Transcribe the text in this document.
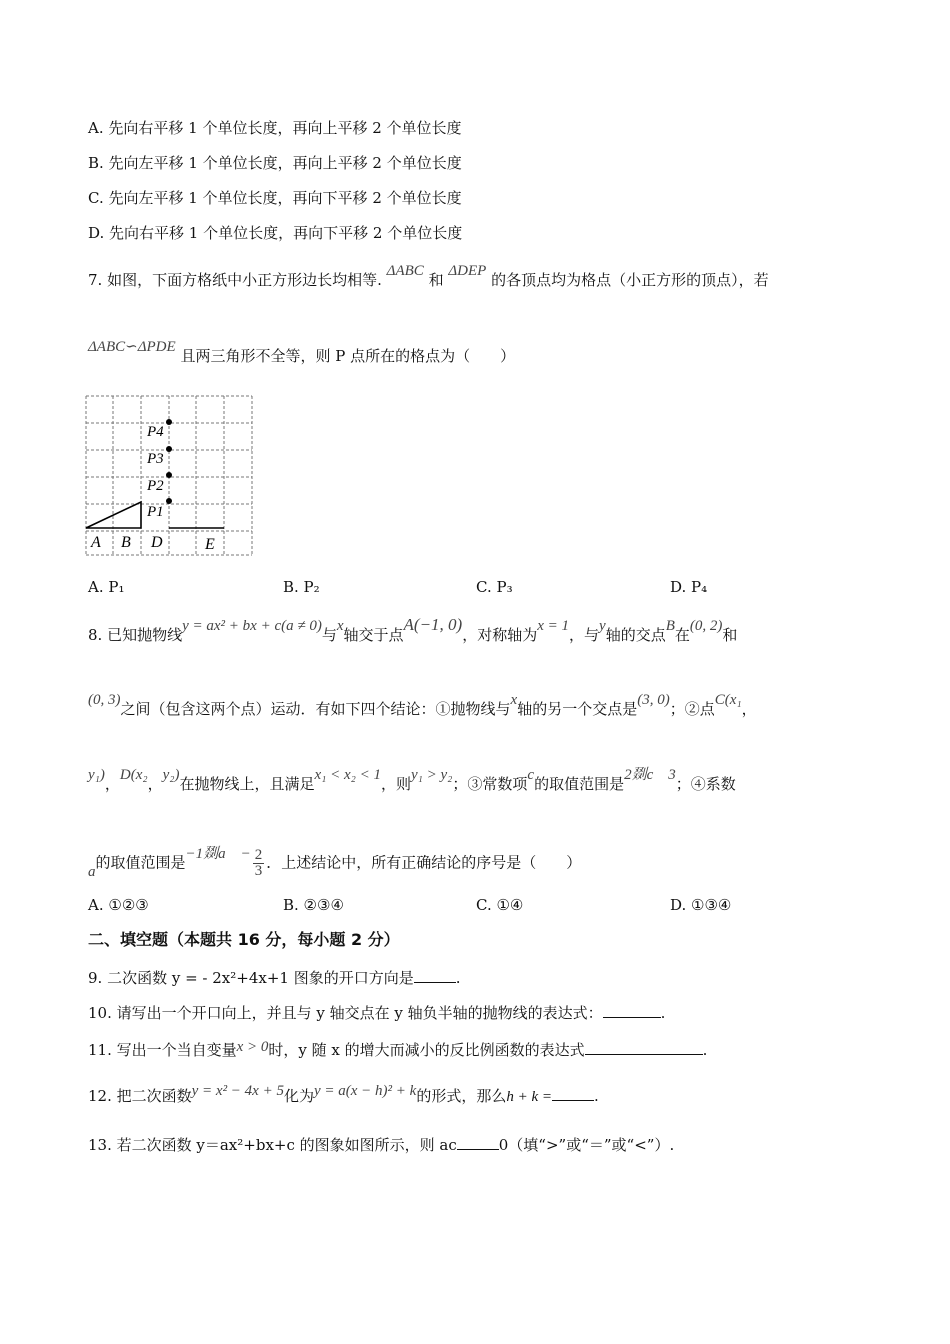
A. 先向右平移 1 个单位长度，再向上平移 2 个单位长度
B. 先向左平移 1 个单位长度，再向上平移 2 个单位长度
C. 先向左平移 1 个单位长度，再向下平移 2 个单位长度
D. 先向右平移 1 个单位长度，再向下平移 2 个单位长度
7. 如图，下面方格纸中小正方形边长均相等. ΔABC 和 ΔDEP 的各顶点均为格点（小正方形的顶点），若
ΔABC∽ΔPDE 且两三角形不全等，则 P 点所在的格点为（　　）
P4
P3
P2
P1
A B D	E
A. P₁	B. P₂	C. P₃	D. P₄
8. 已知抛物线y = ax² + bx + c(a ≠ 0)与x轴交于点A(−1, 0)，对称轴为x = 1，与y轴的交点B在(0, 2)和
(0, 3)之间（包含这两个点）运动．有如下四个结论：①抛物线与x轴的另一个交点是(3, 0)；②点C(x₁，
y₁)，D(x₂，y₂)在抛物线上，且满足x₁ < x₂ < 1，则y₁ > y₂；③常数项c的取值范围是2剟c　3；④系数
a的取值范围是−1剟a　− $\frac{2}{3}$ ．上述结论中，所有正确结论的序号是（　　）
A. ①②③	B. ②③④	C. ①④	D. ①③④
二、填空题（本题共 16 分，每小题 2 分）
9. 二次函数 y = ‑ 2x²+4x+1 图象的开口方向是	.
10. 请写出一个开口向上，并且与 y 轴交点在 y 轴负半轴的抛物线的表达式：	.
11. 写出一个当自变量x > 0时，y 随 x 的增大而减小的反比例函数的表达式	.
12. 把二次函数y = x² − 4x + 5化为y = a(x − h)² + k的形式，那么h + k =	.
13. 若二次函数 y＝ax²+bx+c 的图象如图所示，则 ac	0（填“>”或“＝”或“<”）.
